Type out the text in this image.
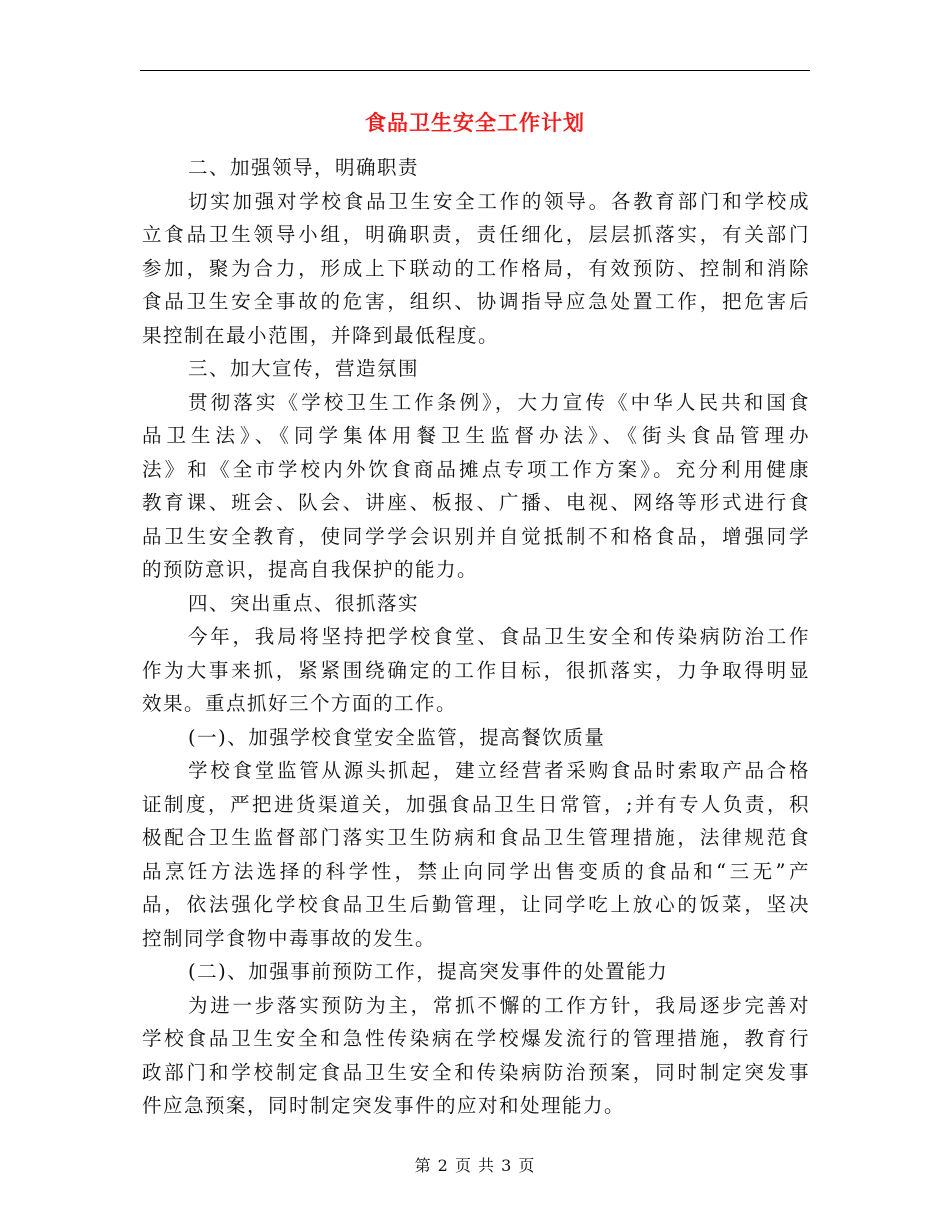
食品卫生安全工作计划

二、加强领导，明确职责

切实加强对学校食品卫生安全工作的领导。各教育部门和学校成

立食品卫生领导小组，明确职责，责任细化，层层抓落实，有关部门

参加，聚为合力，形成上下联动的工作格局，有效预防、控制和消除

食品卫生安全事故的危害，组织、协调指导应急处置工作，把危害后

果控制在最小范围，并降到最低程度。

三、加大宣传，营造氛围

贯彻落实《学校卫生工作条例》，大力宣传《中华人民共和国食

品卫生法》、《同学集体用餐卫生监督办法》、《街头食品管理办

法》和《全市学校内外饮食商品摊点专项工作方案》。充分利用健康

教育课、班会、队会、讲座、板报、广播、电视、网络等形式进行食

品卫生安全教育，使同学学会识别并自觉抵制不和格食品，增强同学

的预防意识，提高自我保护的能力。

四、突出重点、很抓落实

今年，我局将坚持把学校食堂、食品卫生安全和传染病防治工作

作为大事来抓，紧紧围绕确定的工作目标，很抓落实，力争取得明显

效果。重点抓好三个方面的工作。

(一)、加强学校食堂安全监管，提高餐饮质量

学校食堂监管从源头抓起，建立经营者采购食品时索取产品合格

证制度，严把进货渠道关，加强食品卫生日常管，;并有专人负责，积

极配合卫生监督部门落实卫生防病和食品卫生管理措施，法律规范食

品烹饪方法选择的科学性，禁止向同学出售变质的食品和“三无”产

品，依法强化学校食品卫生后勤管理，让同学吃上放心的饭菜，坚决

控制同学食物中毒事故的发生。

(二)、加强事前预防工作，提高突发事件的处置能力

为进一步落实预防为主，常抓不懈的工作方针，我局逐步完善对

学校食品卫生安全和急性传染病在学校爆发流行的管理措施，教育行

政部门和学校制定食品卫生安全和传染病防治预案，同时制定突发事

件应急预案，同时制定突发事件的应对和处理能力。

第 2 页 共 3 页
